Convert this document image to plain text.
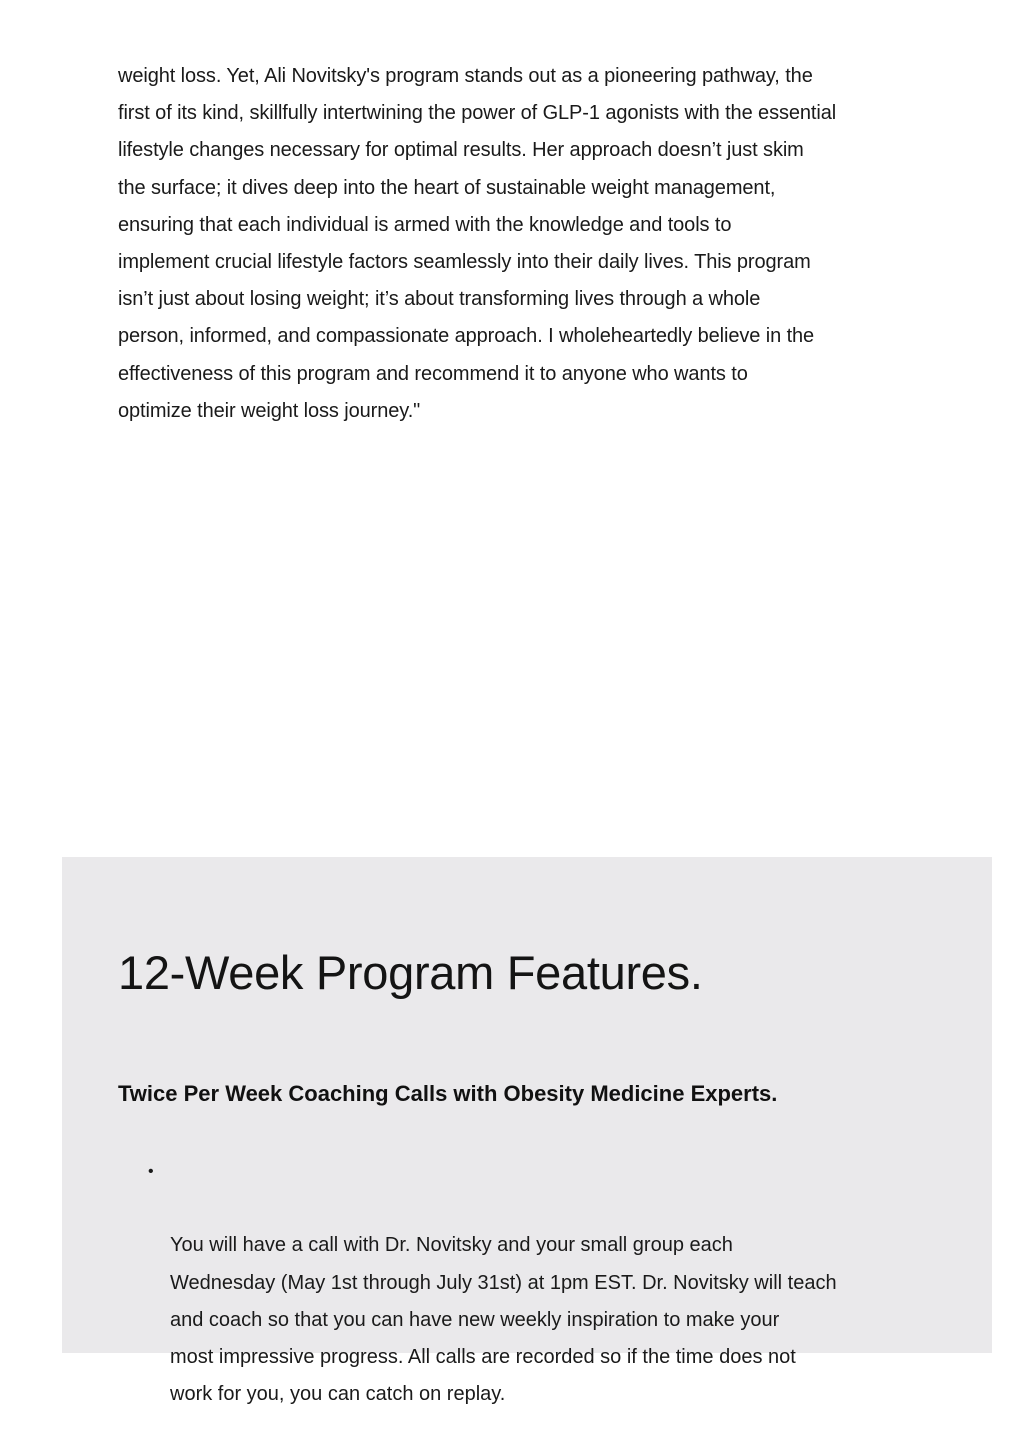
weight loss. Yet, Ali Novitsky's program stands out as a pioneering pathway, the
first of its kind, skillfully intertwining the power of GLP-1 agonists with the essential
lifestyle changes necessary for optimal results. Her approach doesn’t just skim
the surface; it dives deep into the heart of sustainable weight management,
ensuring that each individual is armed with the knowledge and tools to
implement crucial lifestyle factors seamlessly into their daily lives. This program
isn’t just about losing weight; it’s about transforming lives through a whole
person, informed, and compassionate approach. I wholeheartedly believe in the
effectiveness of this program and recommend it to anyone who wants to
optimize their weight loss journey."

12-Week Program Features.
Twice Per Week Coaching Calls with Obesity Medicine Experts.

•

You will have a call with Dr. Novitsky and your small group each
Wednesday (May 1st through July 31st) at 1pm EST. Dr. Novitsky will teach
and coach so that you can have new weekly inspiration to make your
most impressive progress. All calls are recorded so if the time does not
work for you, you can catch on replay.
